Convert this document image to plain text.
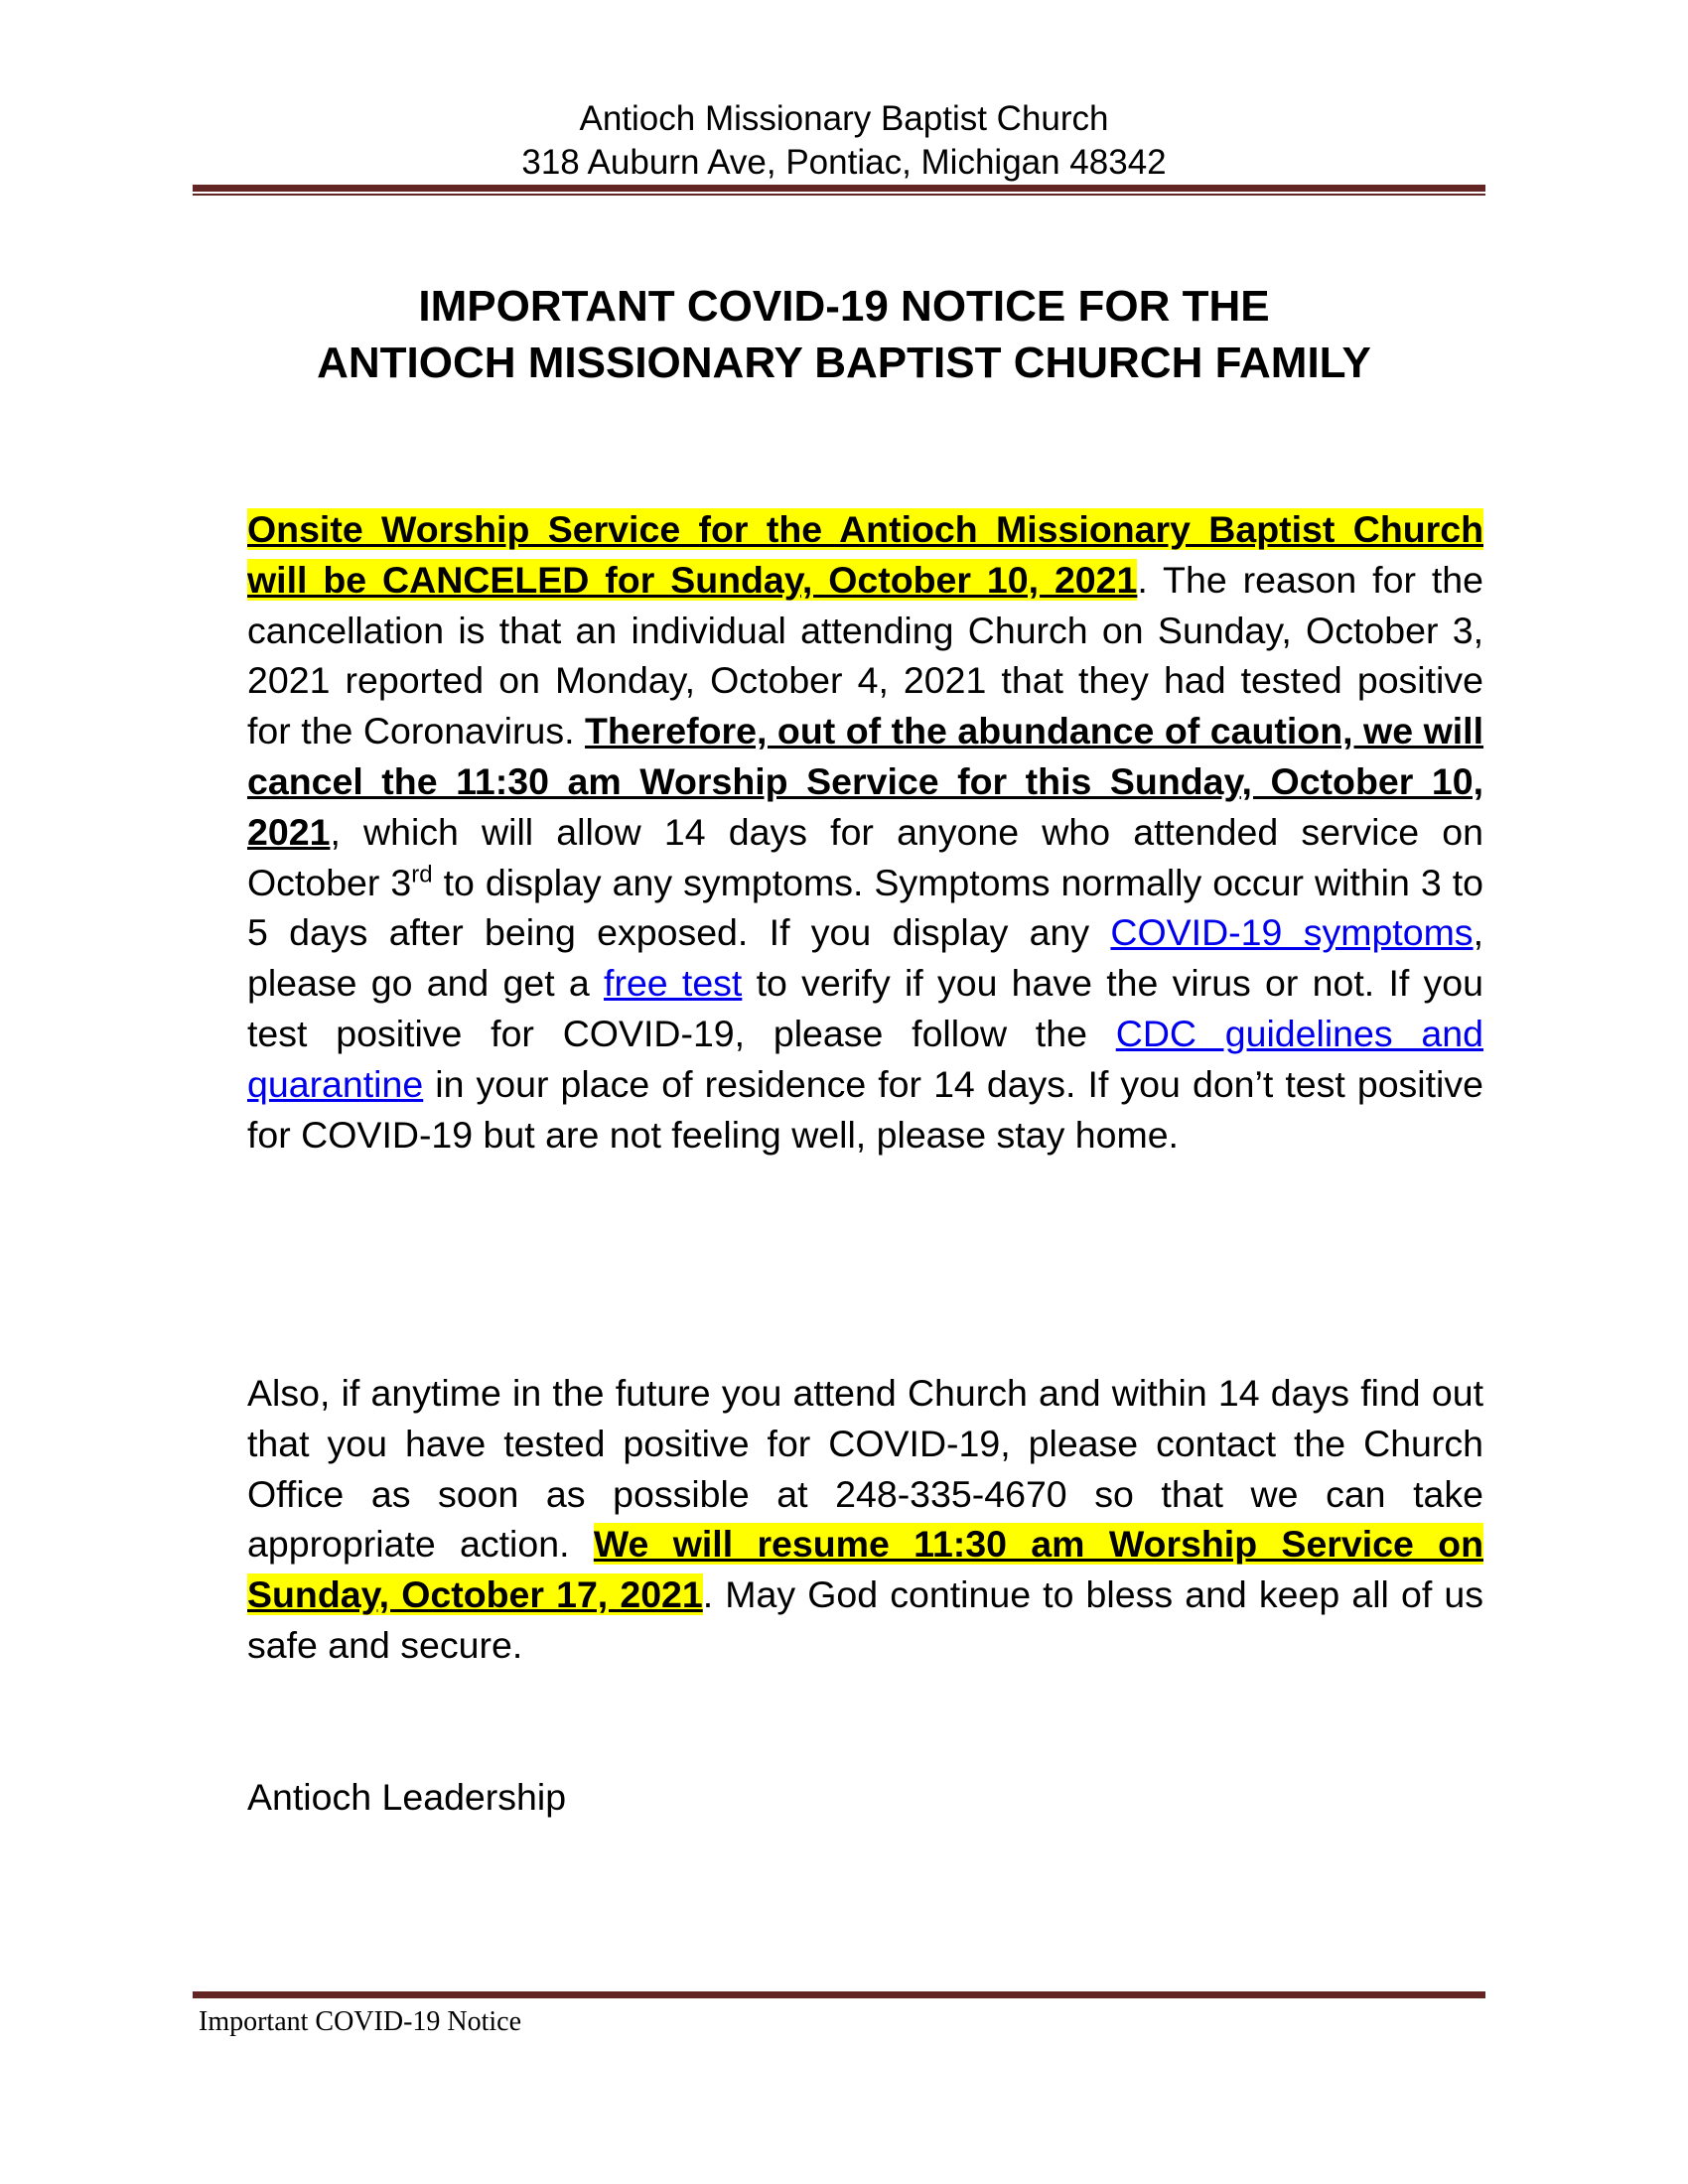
Antioch Missionary Baptist Church
318 Auburn Ave, Pontiac, Michigan 48342
IMPORTANT COVID-19 NOTICE FOR THE
ANTIOCH MISSIONARY BAPTIST CHURCH FAMILY
Onsite Worship Service for the Antioch Missionary Baptist Church will be CANCELED for Sunday, October 10, 2021. The reason for the cancellation is that an individual attending Church on Sunday, October 3, 2021 reported on Monday, October 4, 2021 that they had tested positive for the Coronavirus. Therefore, out of the abundance of caution, we will cancel the 11:30 am Worship Service for this Sunday, October 10, 2021, which will allow 14 days for anyone who attended service on October 3rd to display any symptoms. Symptoms normally occur within 3 to 5 days after being exposed. If you display any COVID-19 symptoms, please go and get a free test to verify if you have the virus or not. If you test positive for COVID-19, please follow the CDC guidelines and quarantine in your place of residence for 14 days. If you don’t test positive for COVID-19 but are not feeling well, please stay home.
Also, if anytime in the future you attend Church and within 14 days find out that you have tested positive for COVID-19, please contact the Church Office as soon as possible at 248-335-4670 so that we can take appropriate action. We will resume 11:30 am Worship Service on Sunday, October 17, 2021. May God continue to bless and keep all of us safe and secure.
Antioch Leadership
Important COVID-19 Notice
